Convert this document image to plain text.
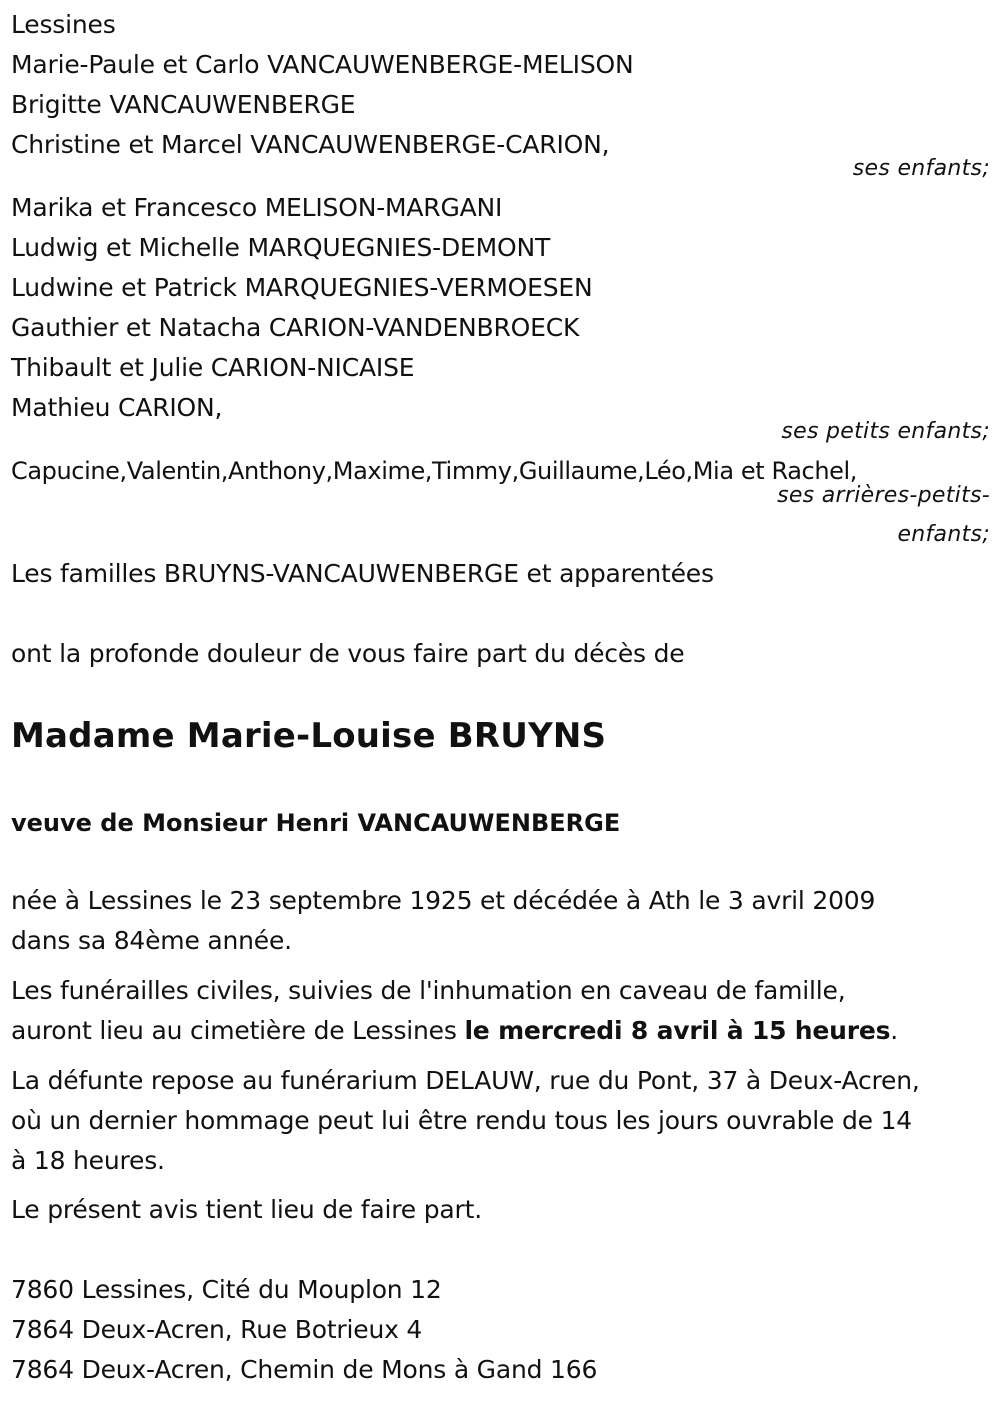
Lessines
Marie-Paule et Carlo VANCAUWENBERGE-MELISON
Brigitte VANCAUWENBERGE
Christine et Marcel VANCAUWENBERGE-CARION,
ses enfants;
Marika et Francesco MELISON-MARGANI
Ludwig et Michelle MARQUEGNIES-DEMONT
Ludwine et Patrick MARQUEGNIES-VERMOESEN
Gauthier et Natacha CARION-VANDENBROECK
Thibault et Julie CARION-NICAISE
Mathieu CARION,
ses petits enfants;
Capucine,Valentin,Anthony,Maxime,Timmy,Guillaume,Léo,Mia et Rachel,
ses arrières-petits-
enfants;
Les familles BRUYNS-VANCAUWENBERGE et apparentées
ont la profonde douleur de vous faire part du décès de
Madame Marie-Louise BRUYNS
veuve de Monsieur Henri VANCAUWENBERGE
née à Lessines le 23 septembre 1925 et décédée à Ath le 3 avril 2009
dans sa 84ème année.
Les funérailles civiles, suivies de l'inhumation en caveau de famille,
auront lieu au cimetière de Lessines le mercredi 8 avril à 15 heures.
La défunte repose au funérarium DELAUW, rue du Pont, 37 à Deux-Acren,
où un dernier hommage peut lui être rendu tous les jours ouvrable de 14
à 18 heures.
Le présent avis tient lieu de faire part.
7860 Lessines, Cité du Mouplon 12
7864 Deux-Acren, Rue Botrieux 4
7864 Deux-Acren, Chemin de Mons à Gand 166
